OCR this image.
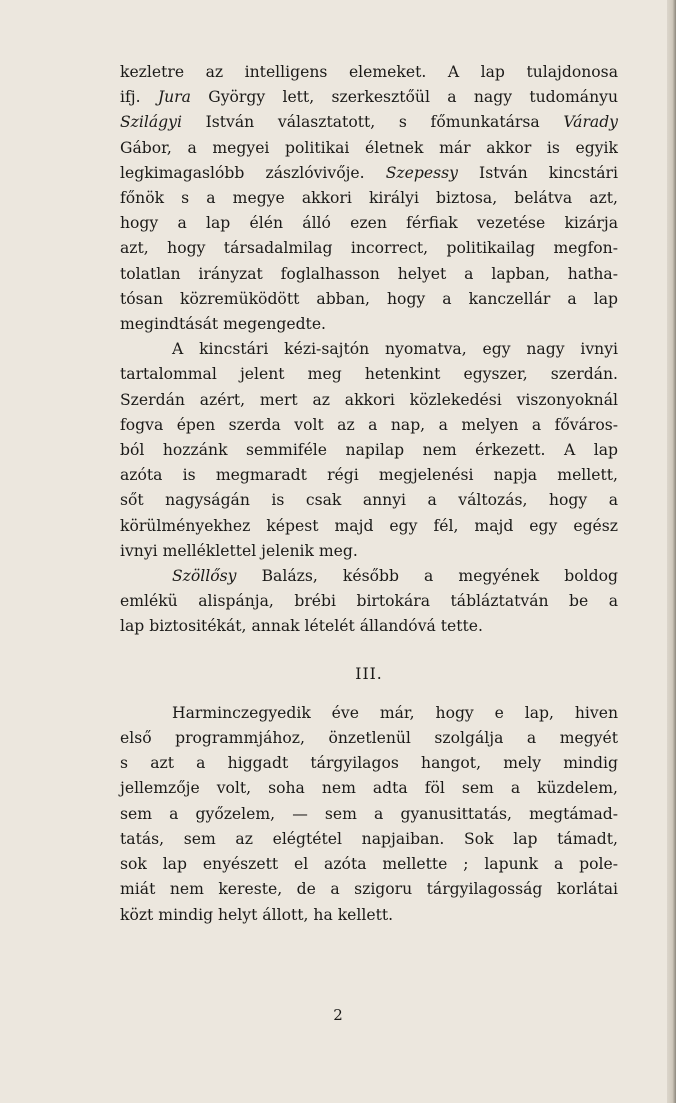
kezletre az intelligens elemeket. A lap tulajdonosa
ifj. Jura György lett, szerkesztőül a nagy tudományu
Szilágyi István választatott, s főmunkatársa Várady
Gábor, a megyei politikai életnek már akkor is egyik
legkimagaslóbb zászlóvivője. Szepessy István kincstári
főnök s a megye akkori királyi biztosa, belátva azt,
hogy a lap élén álló ezen férfiak vezetése kizárja
azt, hogy társadalmilag incorrect, politikailag megfon-
tolatlan irányzat foglalhasson helyet a lapban, hatha-
tósan közremüködött abban, hogy a kanczellár a lap
megindtását megengedte.

A kincstári kézi-sajtón nyomatva, egy nagy ivnyi
tartalommal jelent meg hetenkint egyszer, szerdán.
Szerdán azért, mert az akkori közlekedési viszonyoknál
fogva épen szerda volt az a nap, a melyen a főváros-
ból hozzánk semmiféle napilap nem érkezett. A lap
azóta is megmaradt régi megjelenési napja mellett,
sőt nagyságán is csak annyi a változás, hogy a
körülményekhez képest majd egy fél, majd egy egész
ivnyi melléklettel jelenik meg.

Szöllősy Balázs, később a megyének boldog
emlékü alispánja, brébi birtokára tábláztatván be a
lap biztositékát, annak lételét állandóvá tette.

III.

Harminczegyedik éve már, hogy e lap, hiven
első programmjához, önzetlenül szolgálja a megyét
s azt a higgadt tárgyilagos hangot, mely mindig
jellemzője volt, soha nem adta föl sem a küzdelem,
sem a győzelem, — sem a gyanusittatás, megtámad-
tatás, sem az elégtétel napjaiban. Sok lap támadt,
sok lap enyészett el azóta mellette ; lapunk a pole-
miát nem kereste, de a szigoru tárgyilagosság korlátai
közt mindig helyt állott, ha kellett.

2
